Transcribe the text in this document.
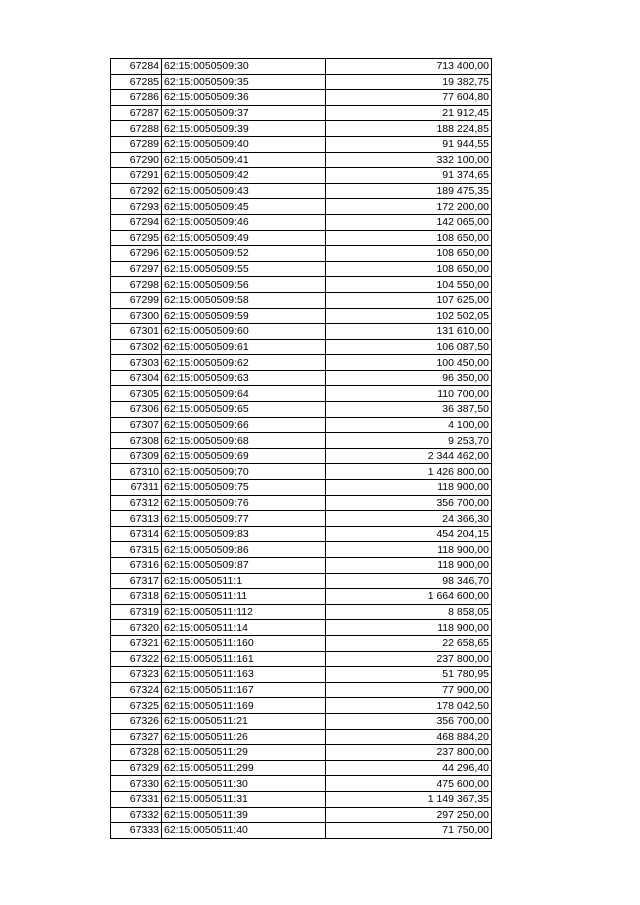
67284	62:15:0050509:30	713 400,00
67285	62:15:0050509:35	19 382,75
67286	62:15:0050509:36	77 604,80
67287	62:15:0050509:37	21 912,45
67288	62:15:0050509:39	188 224,85
67289	62:15:0050509:40	91 944,55
67290	62:15:0050509:41	332 100,00
67291	62:15:0050509:42	91 374,65
67292	62:15:0050509:43	189 475,35
67293	62:15:0050509:45	172 200,00
67294	62:15:0050509:46	142 065,00
67295	62:15:0050509:49	108 650,00
67296	62:15:0050509:52	108 650,00
67297	62:15:0050509:55	108 650,00
67298	62:15:0050509:56	104 550,00
67299	62:15:0050509:58	107 625,00
67300	62:15:0050509:59	102 502,05
67301	62:15:0050509:60	131 610,00
67302	62:15:0050509:61	106 087,50
67303	62:15:0050509:62	100 450,00
67304	62:15:0050509:63	96 350,00
67305	62:15:0050509:64	110 700,00
67306	62:15:0050509:65	36 387,50
67307	62:15:0050509:66	4 100,00
67308	62:15:0050509:68	9 253,70
67309	62:15:0050509:69	2 344 462,00
67310	62:15:0050509:70	1 426 800,00
67311	62:15:0050509:75	118 900,00
67312	62:15:0050509:76	356 700,00
67313	62:15:0050509:77	24 366,30
67314	62:15:0050509:83	454 204,15
67315	62:15:0050509:86	118 900,00
67316	62:15:0050509:87	118 900,00
67317	62:15:0050511:1	98 346,70
67318	62:15:0050511:11	1 664 600,00
67319	62:15:0050511:112	8 858,05
67320	62:15:0050511:14	118 900,00
67321	62:15:0050511:160	22 658,65
67322	62:15:0050511:161	237 800,00
67323	62:15:0050511:163	51 780,95
67324	62:15:0050511:167	77 900,00
67325	62:15:0050511:169	178 042,50
67326	62:15:0050511:21	356 700,00
67327	62:15:0050511:26	468 884,20
67328	62:15:0050511:29	237 800,00
67329	62:15:0050511:299	44 296,40
67330	62:15:0050511:30	475 600,00
67331	62:15:0050511:31	1 149 367,35
67332	62:15:0050511:39	297 250,00
67333	62:15:0050511:40	71 750,00
